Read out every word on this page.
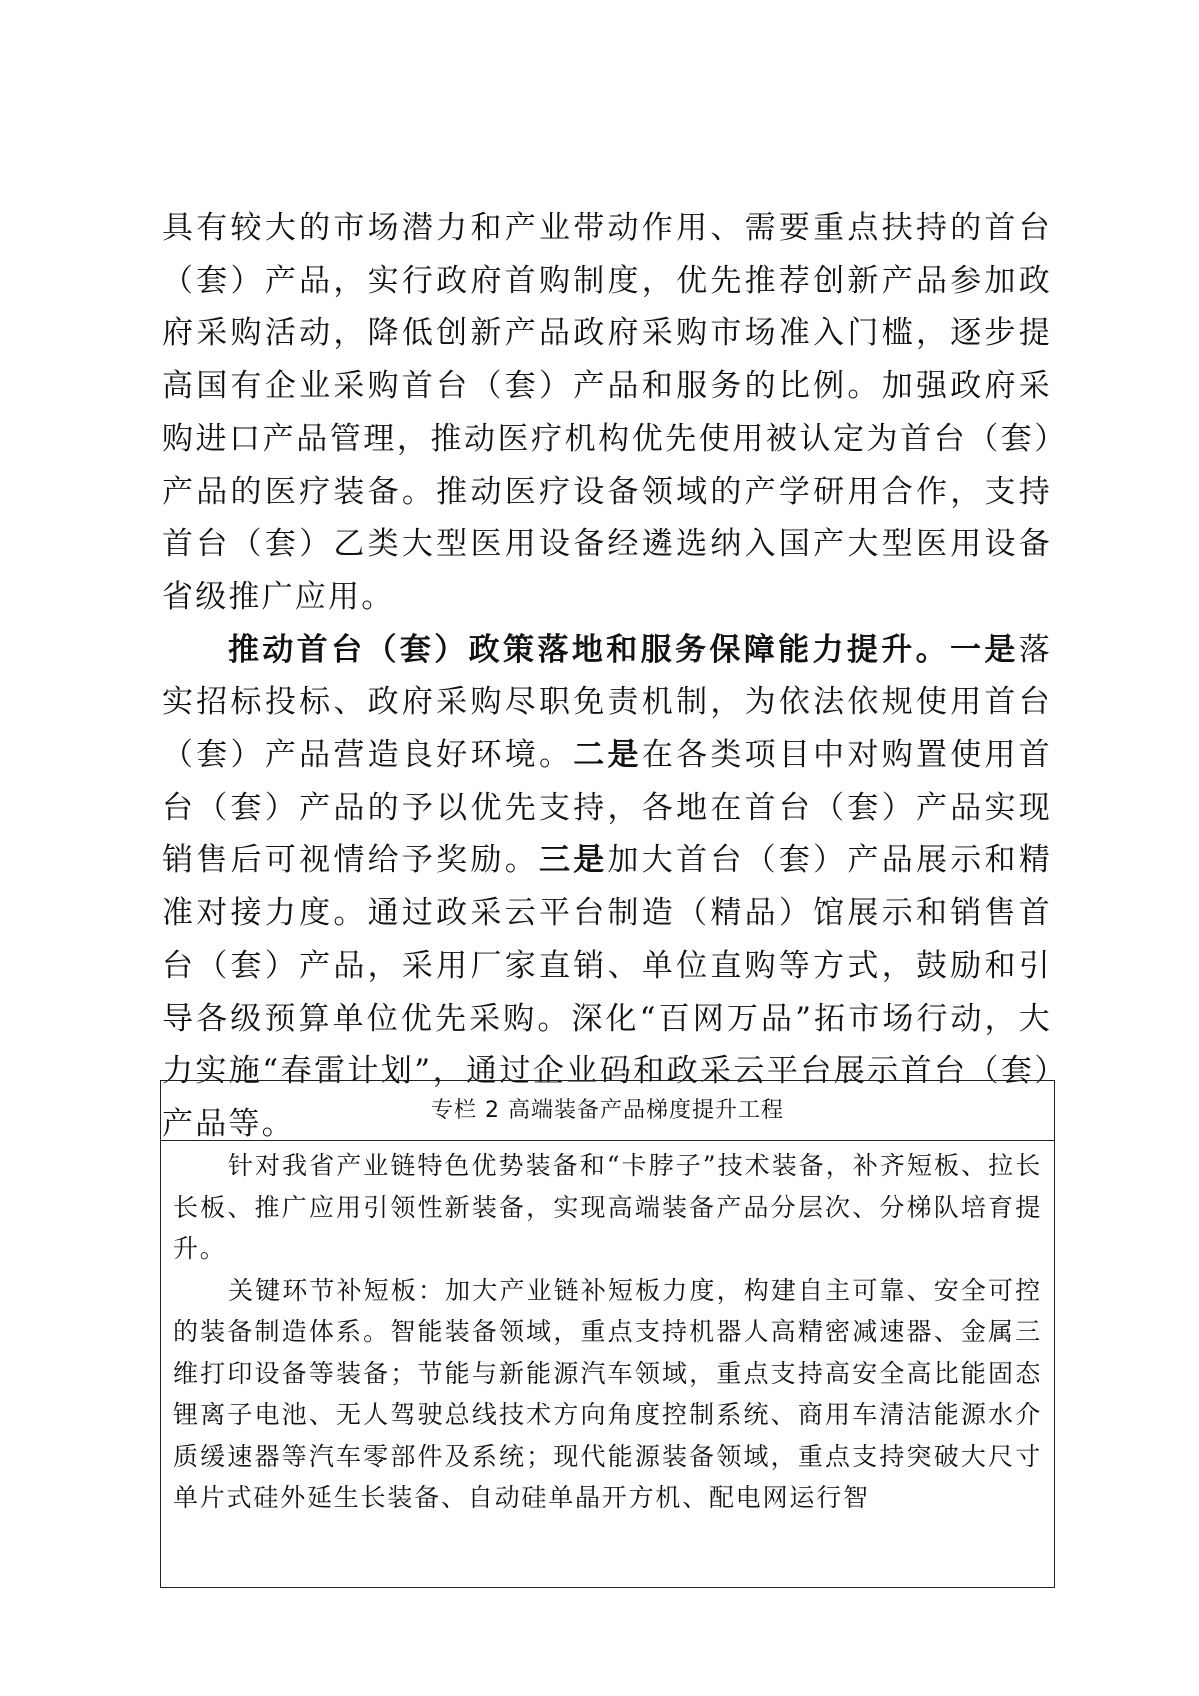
具有较大的市场潜力和产业带动作用、需要重点扶持的首台（套）产品，实行政府首购制度，优先推荐创新产品参加政府采购活动，降低创新产品政府采购市场准入门槛，逐步提高国有企业采购首台（套）产品和服务的比例。加强政府采购进口产品管理，推动医疗机构优先使用被认定为首台（套）产品的医疗装备。推动医疗设备领域的产学研用合作，支持首台（套）乙类大型医用设备经遴选纳入国产大型医用设备省级推广应用。

推动首台（套）政策落地和服务保障能力提升。一是落实招标投标、政府采购尽职免责机制，为依法依规使用首台（套）产品营造良好环境。二是在各类项目中对购置使用首台（套）产品的予以优先支持，各地在首台（套）产品实现销售后可视情给予奖励。三是加大首台（套）产品展示和精准对接力度。通过政采云平台制造（精品）馆展示和销售首台（套）产品，采用厂家直销、单位直购等方式，鼓励和引导各级预算单位优先采购。深化“百网万品”拓市场行动，大力实施“春雷计划”，通过企业码和政采云平台展示首台（套）产品等。	专栏 2 高端装备产品梯度提升工程

针对我省产业链特色优势装备和“卡脖子”技术装备，补齐短板、拉长长板、推广应用引领性新装备，实现高端装备产品分层次、分梯队培育提升。

关键环节补短板：加大产业链补短板力度，构建自主可靠、安全可控的装备制造体系。智能装备领域，重点支持机器人高精密减速器、金属三维打印设备等装备；节能与新能源汽车领域，重点支持高安全高比能固态锂离子电池、无人驾驶总线技术方向角度控制系统、商用车清洁能源水介质缓速器等汽车零部件及系统；现代能源装备领域，重点支持突破大尺寸单片式硅外延生长装备、自动硅单晶开方机、配电网运行智
